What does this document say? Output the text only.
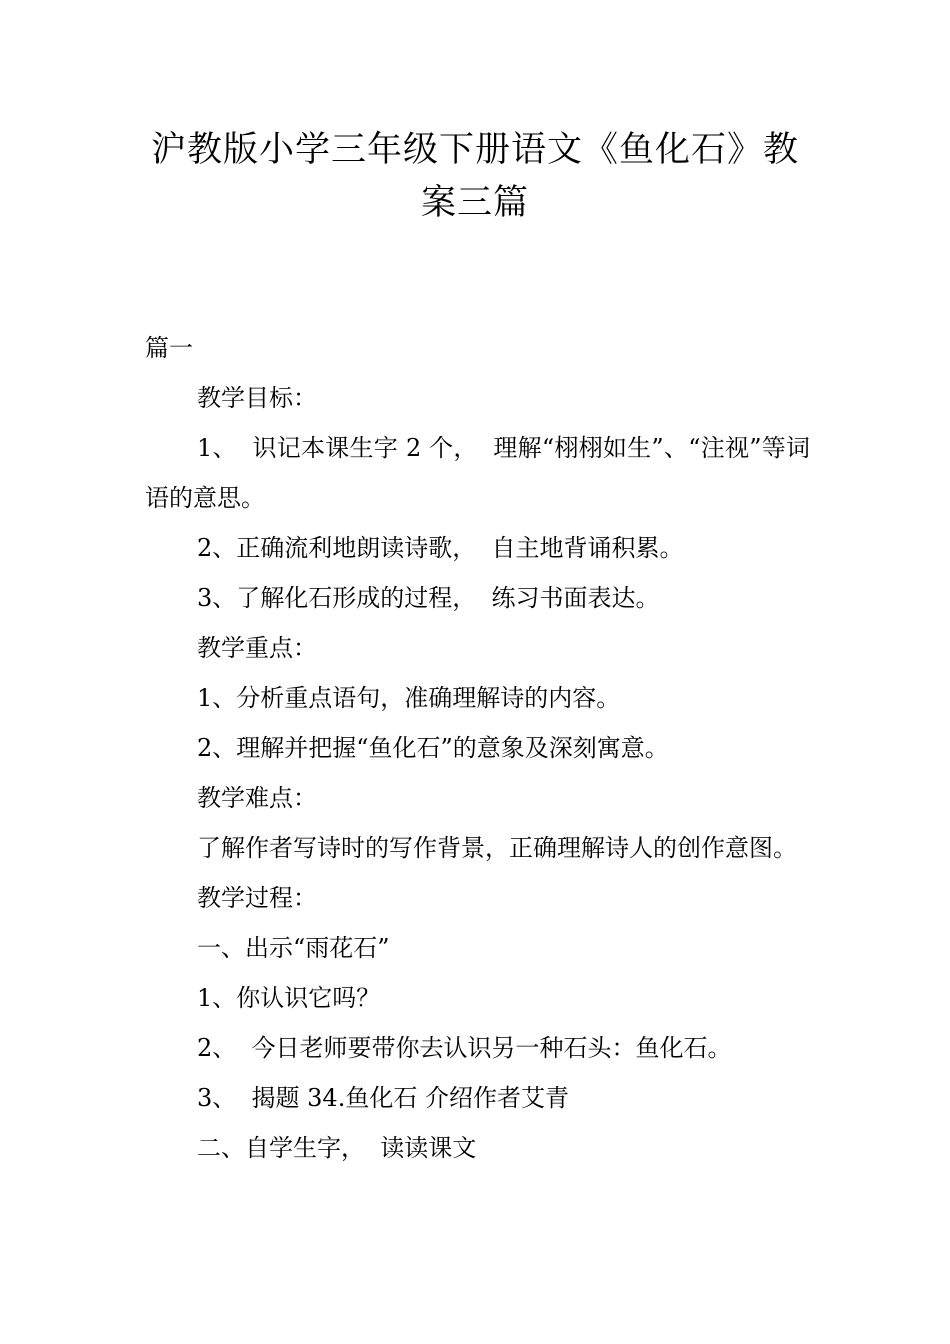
沪教版小学三年级下册语文《鱼化石》教
案三篇

篇一

教学目标：

1、  识记本课生字 2 个，  理解“栩栩如生”、“注视”等词语的意思。

2、正确流利地朗读诗歌，  自主地背诵积累。

3、了解化石形成的过程，  练习书面表达。

教学重点：

1、分析重点语句，准确理解诗的内容。

2、理解并把握“鱼化石”的意象及深刻寓意。

教学难点：

了解作者写诗时的写作背景，正确理解诗人的创作意图。

教学过程：

一、出示“雨花石”

1、你认识它吗？

2、  今日老师要带你去认识另一种石头：鱼化石。

3、  揭题 34.鱼化石 介绍作者艾青

二、自学生字，  读读课文
